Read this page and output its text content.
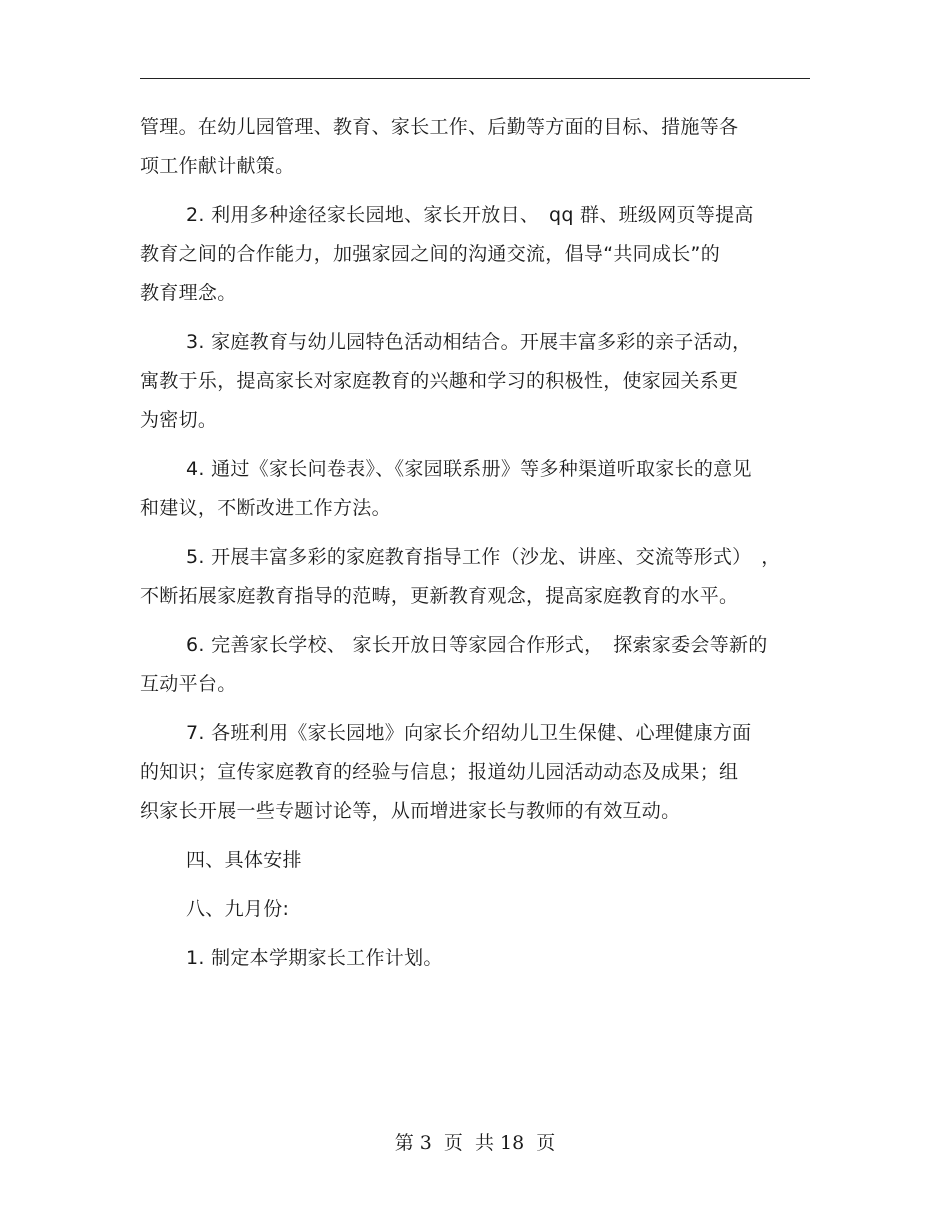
管理。在幼儿园管理、教育、家长工作、后勤等方面的目标、措施等各
项工作献计献策。
2. 利用多种途径家长园地、家长开放日、　qq 群、班级网页等提高
教育之间的合作能力，加强家园之间的沟通交流，倡导“共同成长”的
教育理念。
3. 家庭教育与幼儿园特色活动相结合。开展丰富多彩的亲子活动，
寓教于乐，提高家长对家庭教育的兴趣和学习的积极性，使家园关系更
为密切。
4. 通过《家长问卷表》、《家园联系册》等多种渠道听取家长的意见
和建议，不断改进工作方法。
5. 开展丰富多彩的家庭教育指导工作（沙龙、讲座、交流等形式）　，
不断拓展家庭教育指导的范畴，更新教育观念，提高家庭教育的水平。
6. 完善家长学校、 家长开放日等家园合作形式，　探索家委会等新的
互动平台。
7. 各班利用《家长园地》向家长介绍幼儿卫生保健、心理健康方面
的知识；宣传家庭教育的经验与信息；报道幼儿园活动动态及成果；组
织家长开展一些专题讨论等，从而增进家长与教师的有效互动。
四、具体安排
八、九月份:
1. 制定本学期家长工作计划。
第 3  页  共 18  页
